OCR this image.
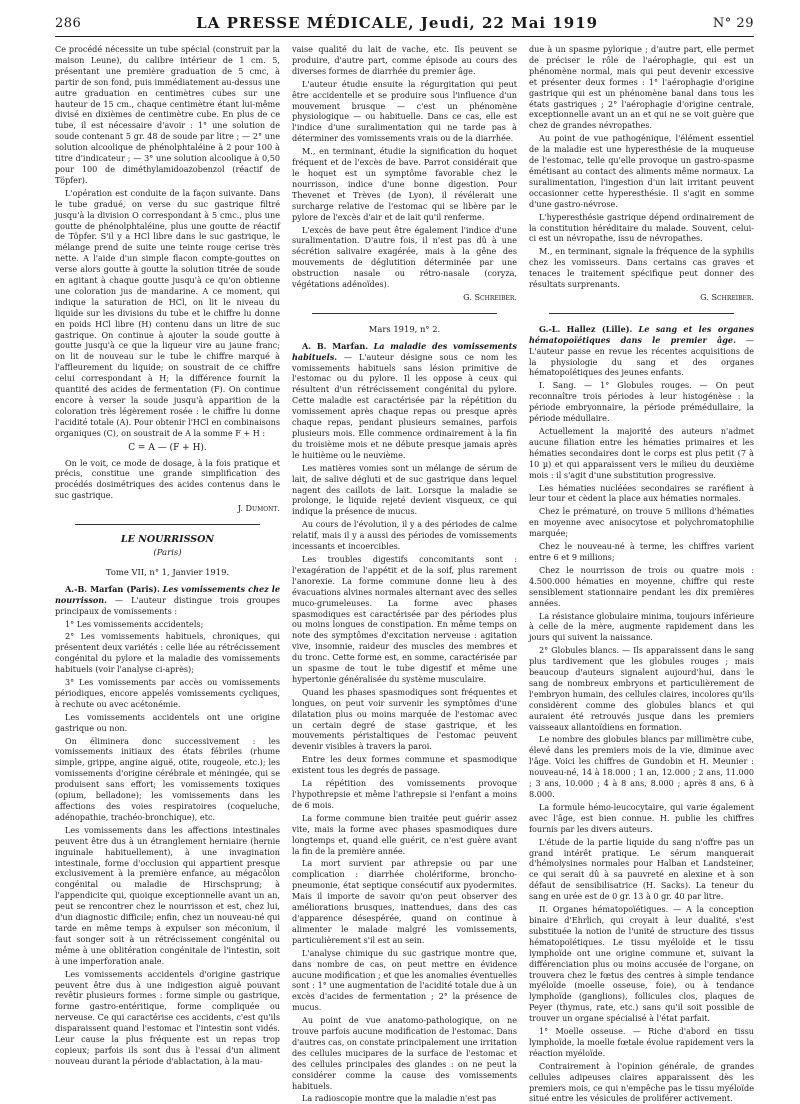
286	LA PRESSE MÉDICALE, Jeudi, 22 Mai 1919	N° 29

Ce procédé nécessite un tube spécial (construit par la maison Leune), du calibre intérieur de 1 cm. 5, présentant une première graduation de 5 cmc, à partir de son fond, puis immédiatement au-dessus une autre graduation en centimètres cubes sur une hauteur de 15 cm., chaque centimètre étant lui-même divisé en dixièmes de centimètre cube. En plus de ce tube, il est nécessaire d'avoir : 1° une solution de soude contenant 5 gr. 48 de soude par litre ; — 2° une solution alcoolique de phénolphtaléine à 2 pour 100 à titre d'indicateur ; — 3° une solution alcoolique à 0,50 pour 100 de diméthylamidoazobenzol (réactif de Töpfer).

L'opération est conduite de la façon suivante. Dans le tube gradué, on verse du suc gastrique filtré jusqu'à la division O correspondant à 5 cmc., plus une goutte de phénolphtaléine, plus une goutte de réactif de Töpfer. S'il y a HCl libre dans le suc gastrique, le mélange prend de suite une teinte rouge cerise très nette. A l'aide d'un simple flacon compte-gouttes on verse alors goutte à goutte la solution titrée de soude en agitant à chaque goutte jusqu'à ce qu'on obtienne une coloration jus de mandarine. A ce moment, qui indique la saturation de HCl, on lit le niveau du liquide sur les divisions du tube et le chiffre lu donne en poids HCl libre (H) contenu dans un litre de suc gastrique. On continue à ajouter la soude goutte à goutte jusqu'à ce que la liqueur vire au jaune franc; on lit de nouveau sur le tube le chiffre marqué à l'affleurement du liquide; on soustrait de ce chiffre celui correspondant à H; la différence fournit la quantité des acides de fermentation (F). On continue encore à verser la soude jusqu'à apparition de la coloration très légèrement rosée : le chiffre lu donne l'acidité totale (A). Pour obtenir l'HCl en combinaisons organiques (C), on soustrait de A la somme F + H :

C = A — (F + H).

On le voit, ce mode de dosage, à la fois pratique et précis, constitue une grande simplification des procédés dosimétriques des acides contenus dans le suc gastrique.

J. Dumont.
LE NOURRISSON
(Paris)
Tome VII, n° 1, Janvier 1919.

A.-B. Marfan (Paris). Les vomissements chez le nourrisson. — L'auteur distingue trois groupes principaux de vomissements :

1° Les vomissements accidentels;

2° Les vomissements habituels, chroniques, qui présentent deux variétés : celle liée au rétrécissement congénital du pylore et la maladie des vomissements habituels (voir l'analyse ci-après);

3° Les vomissements par accès ou vomissements périodiques, encore appelés vomissements cycliques, à rechute ou avec acétonémie.

Les vomissements accidentels ont une origine gastrique ou non.

On éliminera donc successivement : les vomissements initiaux des états fébriles (rhume simple, grippe, angine aiguë, otite, rougeole, etc.); les vomissements d'origine cérébrale et méningée, qui se produisent sans effort; les vomissements toxiques (opium, belladone); les vomissements dans les affections des voies respiratoires (coqueluche, adénopathie, trachéo-bronchique), etc.

Les vomissements dans les affections intestinales peuvent être dus à un étranglement herniaire (hernie inguinale habituellement), à une invagination intestinale, forme d'occlusion qui appartient presque exclusivement à la première enfance, au mégacôlon congénital ou maladie de Hirschsprung; à l'appendicite qui, quoique exceptionnelle avant un an, peut se rencontrer chez le nourrisson et est, chez lui, d'un diagnostic difficile; enfin, chez un nouveau-né qui tarde en même temps à expulser son méconium, il faut songer soit à un rétrécissement congénital ou même à une oblitération congénitale de l'intestin, soit à une imperforation anale.

Les vomissements accidentels d'origine gastrique peuvent être dus à une indigestion aiguë pouvant revêtir plusieurs formes : forme simple ou gastrique, forme gastro-entéritique, forme compliquée ou nerveuse. Ce qui caractérise ces accidents, c'est qu'ils disparaissent quand l'estomac et l'intestin sont vidés. Leur cause la plus fréquente est un repas trop copieux; parfois ils sont dus à l'essai d'un aliment nouveau durant la période d'ablactation, à la mau-

vaise qualité du lait de vache, etc. Ils peuvent se produire, d'autre part, comme épisode au cours des diverses formes de diarrhée du premier âge.

L'auteur étudie ensuite la régurgitation qui peut être accidentelle et se produire sous l'influence d'un mouvement brusque — c'est un phénomène physiologique — ou habituelle. Dans ce cas, elle est l'indice d'une suralimentation qui ne tarde pas à déterminer des vomissements vrais ou de la diarrhée.

M., en terminant, étudie la signification du hoquet fréquent et de l'excès de bave. Parrot considérait que le hoquet est un symptôme favorable chez le nourrisson, indice d'une bonne digestion. Pour Thevenet et Trèves (de Lyon), il révélerait une surcharge relative de l'estomac qui se libère par le pylore de l'excès d'air et de lait qu'il renferme.

L'excès de bave peut être également l'indice d'une suralimentation. D'autre fois, il n'est pas dû à une sécrétion salivaire exagérée, mais à la gêne des mouvements de déglutition déterminée par une obstruction nasale ou rétro-nasale (coryza, végétations adénoïdes).

G. Schreiber.
Mars 1919, n° 2.

A. B. Marfan. La maladie des vomissements habituels. — L'auteur désigne sous ce nom les vomissements habituels sans lésion primitive de l'estomac ou du pylore. Il les oppose à ceux qui résultent d'un rétrécissement congénital du pylore. Cette maladie est caractérisée par la répétition du vomissement après chaque repas ou presque après chaque repas, pendant plusieurs semaines, parfois plusieurs mois. Elle commence ordinairement à la fin du troisième mois et ne débute presque jamais après le huitième ou le neuvième.

Les matières vomies sont un mélange de sérum de lait, de salive dégluti et de suc gastrique dans lequel nagent des caillots de lait. Lorsque la maladie se prolonge, le liquide rejeté devient visqueux, ce qui indique la présence de mucus.

Au cours de l'évolution, il y a des périodes de calme relatif, mais il y a aussi des périodes de vomissements incessants et incoercibles.

Les troubles digestifs concomitants sont : l'exagération de l'appétit et de la soif, plus rarement l'anorexie. La forme commune donne lieu à des évacuations alvines normales alternant avec des selles muco-grumeleuses. La forme avec phases spasmodiques est caractérisée par des périodes plus ou moins longues de constipation. En même temps on note des symptômes d'excitation nerveuse : agitation vive, insomnie, raideur des muscles des membres et du tronc. Cette forme est, en somme, caractérisée par un spasme de tout le tube digestif et même une hypertonie généralisée du système musculaire.

Quand les phases spasmodiques sont fréquentes et longues, on peut voir survenir les symptômes d'une dilatation plus ou moins marquée de l'estomac avec un certain degré de stase gastrique, et les mouvements péristaltiques de l'estomac peuvent devenir visibles à travers la paroi.

Entre les deux formes commune et spasmodique existent tous les degrés de passage.

La répétition des vomissements provoque l'hypothrepsie et même l'athrepsie si l'enfant a moins de 6 mois.

La forme commune bien traitée peut guérir assez vite, mais la forme avec phases spasmodiques dure longtemps et, quand elle guérit, ce n'est guère avant la fin de la première année.

La mort survient par athrepsie ou par une complication : diarrhée cholériforme, broncho-pneumonie, état septique consécutif aux pyodermites. Mais il importe de savoir qu'on peut observer des améliorations brusques, inattendues, dans des cas d'apparence désespérée, quand on continue à alimenter le malade malgré les vomissements, particulièrement s'il est au sein.

L'analyse chimique du suc gastrique montre que, dans nombre de cas, on peut mettre en évidence aucune modification ; et que les anomalies éventuelles sont : 1° une augmentation de l'acidité totale due à un excès d'acides de fermentation ; 2° la présence de mucus.

Au point de vue anatomo-pathologique, on ne trouve parfois aucune modification de l'estomac. Dans d'autres cas, on constate principalement une irritation des cellules mucipares de la surface de l'estomac et des cellules principales des glandes : on ne peut la considérer comme la cause des vomissements habituels.

La radioscopie montre que la maladie n'est pas

due à un spasme pylorique ; d'autre part, elle permet de préciser le rôle de l'aérophagie, qui est un phénomène normal, mais qui peut devenir excessive et présenter deux formes : 1° l'aérophagie d'origine gastrique qui est un phénomène banal dans tous les états gastriques ; 2° l'aérophagie d'origine centrale, exceptionnelle avant un an et qui ne se voit guère que chez de grandes névropathes.

Au point de vue pathogénique, l'élément essentiel de la maladie est une hyperesthésie de la muqueuse de l'estomac, telle qu'elle provoque un gastro-spasme émétisant au contact des aliments même normaux. La suralimentation, l'ingestion d'un lait irritant peuvent occasionner cette hyperesthésie. Il s'agit en somme d'une gastro-névrose.

L'hyperesthésie gastrique dépend ordinairement de la constitution héréditaire du malade. Souvent, celui-ci est un névropathe, issu de névropathes.

M., en terminant, signale la fréquence de la syphilis chez les vomisseurs. Dans certains cas graves et tenaces le traitement spécifique peut donner des résultats surprenants.

G. Schreiber.

G.-L. Hallez (Lille). Le sang et les organes hématopoïétiques dans le premier âge. — L'auteur passe en revue les récentes acquisitions de la physiologie du sang et des organes hématopoïétiques des jeunes enfants.

I. Sang. — 1° Globules rouges. — On peut reconnaître trois périodes à leur histogénèse : la période embryonnaire, la période prémédullaire, la période médullaire.

Actuellement la majorité des auteurs n'admet aucune filiation entre les hématies primaires et les hématies secondaires dont le corps est plus petit (7 à 10 µ) et qui apparaissent vers le milieu du deuxième mois : il s'agit d'une substitution progressive.

Les hématies nucléées secondaires se raréfient à leur tour et cèdent la place aux hématies normales.

Chez le prématuré, on trouve 5 millions d'hématies en moyenne avec anisocytose et polychromatophilie marquée;

Chez le nouveau-né à terme, les chiffres varient entre 6 et 9 millions;

Chez le nourrisson de trois ou quatre mois : 4.500.000 hématies en moyenne, chiffre qui reste sensiblement stationnaire pendant les dix premières années.

La résistance globulaire minima, toujours inférieure à celle de la mère, augmente rapidement dans les jours qui suivent la naissance.

2° Globules blancs. — Ils apparaissent dans le sang plus tardivement que les globules rouges ; mais beaucoup d'auteurs signalent aujourd'hui, dans le sang de nombreux embryons et particulièrement de l'embryon humain, des cellules claires, incolores qu'ils considèrent comme des globules blancs et qui auraient été retrouvés jusque dans les premiers vaisseaux allantoïdiens en formation.

Le nombre des globules blancs par millimètre cube, élevé dans les premiers mois de la vie, diminue avec l'âge. Voici les chiffres de Gundobin et H. Meunier : nouveau-né, 14 à 18.000 ; 1 an, 12.000 ; 2 ans, 11.000 ; 3 ans, 10.000 ; 4 à 8 ans, 8.000 ; après 8 ans, 6 à 8.000.

La formule hémo-leucocytaire, qui varie également avec l'âge, est bien connue. H. publie les chiffres fournis par les divers auteurs.

L'étude de la partie liquide du sang n'offre pas un grand intérêt pratique. Le sérum manquerait d'hémolysines normales pour Halban et Landsteiner, ce qui serait dû à sa pauvreté en alexine et à son défaut de sensibilisatrice (H. Sacks). La teneur du sang en urée est de 0 gr. 13 à 0 gr. 40 par litre.

II. Organes hématopoïétiques. — A la conception binaire d'Ehrlich, qui croyait à leur dualité, s'est substituée la notion de l'unité de structure des tissus hématopoïétiques. Le tissu myéloïde et le tissu lymphoïde ont une origine commune et, suivant la différenciation plus ou moins accusée de l'organe, on trouvera chez le fœtus des centres à simple tendance myéloïde (moelle osseuse, foie), ou à tendance lymphoïde (ganglions), follicules clos, plaques de Peyer (thymus, rate, etc.) sans qu'il soit possible de trouver un organe spécialisé à l'état parfait.

1° Moelle osseuse. — Riche d'abord en tissu lymphoïde, la moelle fœtale évolue rapidement vers la réaction myéloïde.

Contrairement à l'opinion générale, de grandes cellules adipeuses claires apparaissent dès les premiers mois, ce qui n'empêche pas le tissu myéloïde situé entre les vésicules de proliférer activement.
